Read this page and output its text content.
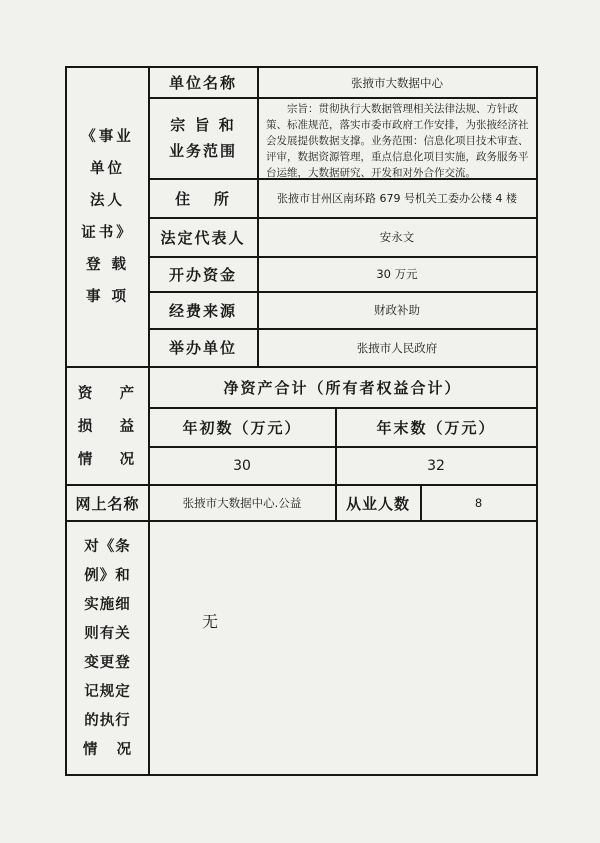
《事业
单位
法人
证书》
登 载
事 项
单位名称	张掖市大数据中心
宗 旨 和
业务范围
宗旨：贯彻执行大数据管理相关法律法规、方针政策、标准规范，落实市委市政府工作安排，为张掖经济社会发展提供数据支撑。业务范围：信息化项目技术审查、评审，数据资源管理，重点信息化项目实施，政务服务平台运维，大数据研究、开发和对外合作交流。
住   所	张掖市甘州区南环路 679 号机关工委办公楼 4 楼
法定代表人	安永文
开办资金	30 万元
经费来源	财政补助
举办单位	张掖市人民政府
资   产
损   益
情   况
净资产合计（所有者权益合计）
年初数（万元）	年末数（万元）
30	32
网上名称	张掖市大数据中心.公益	从业人数	8
对《条
例》和
实施细
则有关
变更登
记规定
的执行
情   况
无
